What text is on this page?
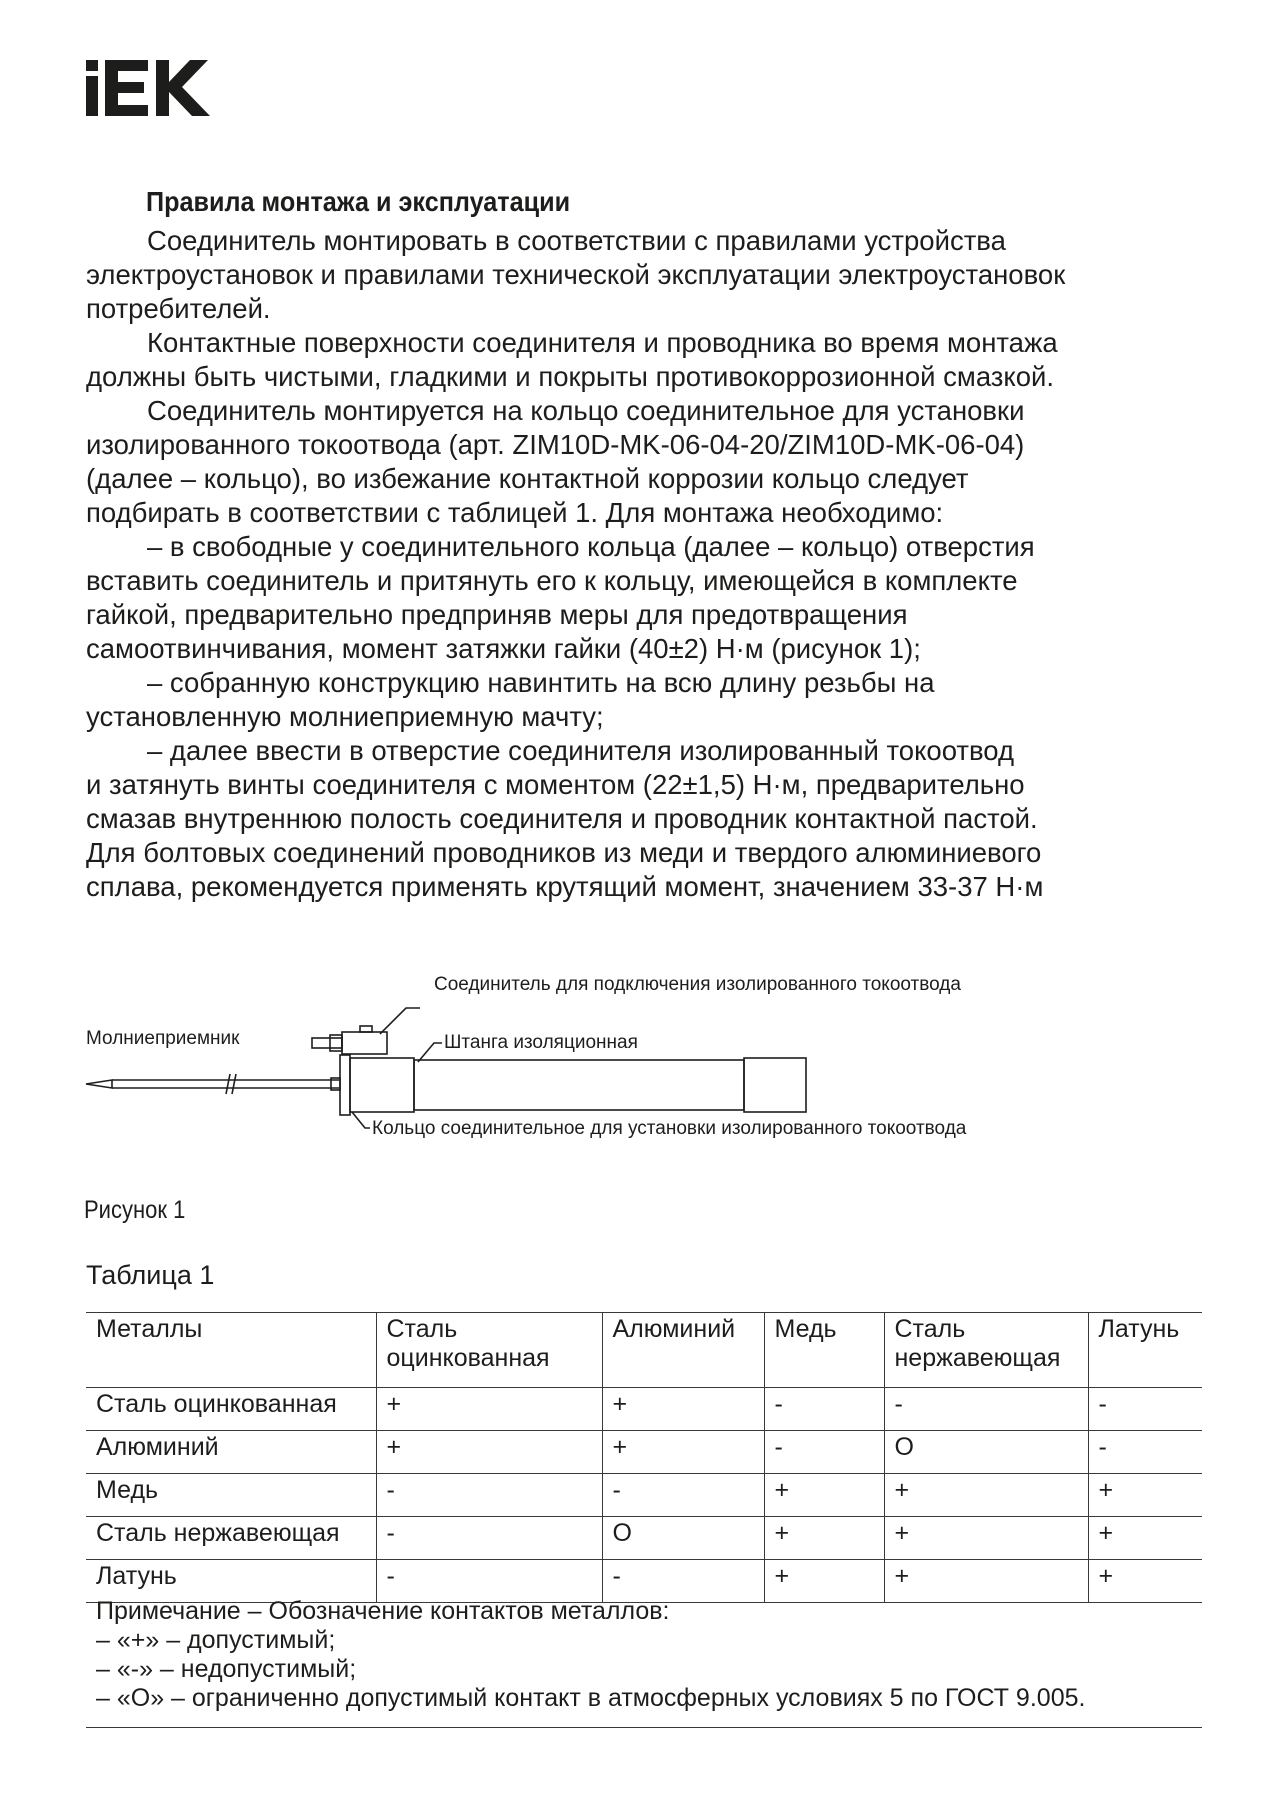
Правила монтажа и эксплуатации
Соединитель монтировать в соответствии с правилами устройства
электроустановок и правилами технической эксплуатации электроустановок
потребителей.
Контактные поверхности соединителя и проводника во время монтажа
должны быть чистыми, гладкими и покрыты противокоррозионной смазкой.
Соединитель монтируется на кольцо соединительное для установки
изолированного токоотвода (арт. ZIM10D-MK-06-04-20/ZIM10D-MK-06-04)
(далее – кольцо), во избежание контактной коррозии кольцо следует
подбирать в соответствии с таблицей 1. Для монтажа необходимо:
– в свободные у соединительного кольца (далее – кольцо) отверстия
вставить соединитель и притянуть его к кольцу, имеющейся в комплекте
гайкой, предварительно предприняв меры для предотвращения
самоотвинчивания, момент затяжки гайки (40±2) Н·м (рисунок 1);
– собранную конструкцию навинтить на всю длину резьбы на
установленную молниеприемную мачту;
– далее ввести в отверстие соединителя изолированный токоотвод
и затянуть винты соединителя с моментом (22±1,5) Н·м, предварительно
смазав внутреннюю полость соединителя и проводник контактной пастой.
Для болтовых соединений проводников из меди и твердого алюминиевого
сплава, рекомендуется применять крутящий момент, значением 33-37 Н·м
Соединитель для подключения изолированного токоотвода
Молниеприемник	Штанга изоляционная
Кольцо соединительное для установки изолированного токоотвода
Рисунок 1
Таблица 1
Металлы	Сталь оцинкованная	Алюминий	Медь	Сталь нержавеющая	Латунь
Сталь оцинкованная	+	+	-	-	-
Алюминий	+	+	-	О	-
Медь	-	-	+	+	+
Сталь нержавеющая	-	О	+	+	+
Латунь	-	-	+	+	+
Примечание – Обозначение контактов металлов:
– «+» – допустимый;
– «-» – недопустимый;
– «О» – ограниченно допустимый контакт в атмосферных условиях 5 по ГОСТ 9.005.
